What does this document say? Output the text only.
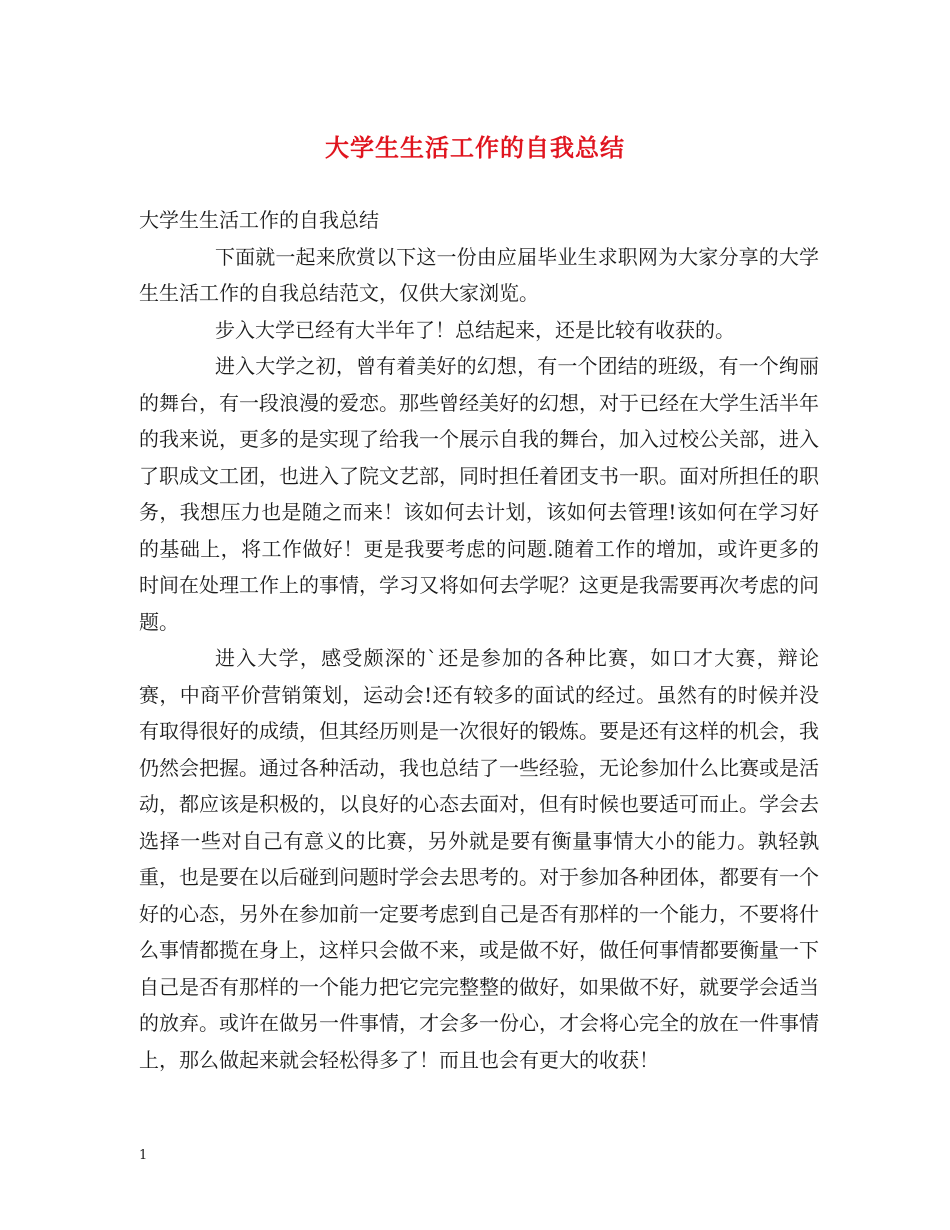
大学生生活工作的自我总结

大学生生活工作的自我总结

下面就一起来欣赏以下这一份由应届毕业生求职网为大家分享的大学生生活工作的自我总结范文，仅供大家浏览。

步入大学已经有大半年了！总结起来，还是比较有收获的。

进入大学之初，曾有着美好的幻想，有一个团结的班级，有一个绚丽的舞台，有一段浪漫的爱恋。那些曾经美好的幻想，对于已经在大学生活半年的我来说，更多的是实现了给我一个展示自我的舞台，加入过校公关部，进入了职成文工团，也进入了院文艺部，同时担任着团支书一职。面对所担任的职务，我想压力也是随之而来！该如何去计划，该如何去管理!该如何在学习好的基础上，将工作做好！更是我要考虑的问题.随着工作的增加，或许更多的时间在处理工作上的事情，学习又将如何去学呢？这更是我需要再次考虑的问题。

进入大学，感受颇深的`还是参加的各种比赛，如口才大赛，辩论赛，中商平价营销策划，运动会!还有较多的面试的经过。虽然有的时候并没有取得很好的成绩，但其经历则是一次很好的锻炼。要是还有这样的机会，我仍然会把握。通过各种活动，我也总结了一些经验，无论参加什么比赛或是活动，都应该是积极的，以良好的心态去面对，但有时候也要适可而止。学会去选择一些对自己有意义的比赛，另外就是要有衡量事情大小的能力。孰轻孰重，也是要在以后碰到问题时学会去思考的。对于参加各种团体，都要有一个好的心态，另外在参加前一定要考虑到自己是否有那样的一个能力，不要将什么事情都揽在身上，这样只会做不来，或是做不好，做任何事情都要衡量一下自己是否有那样的一个能力把它完完整整的做好，如果做不好，就要学会适当的放弃。或许在做另一件事情，才会多一份心，才会将心完全的放在一件事情上，那么做起来就会轻松得多了！而且也会有更大的收获！

1
